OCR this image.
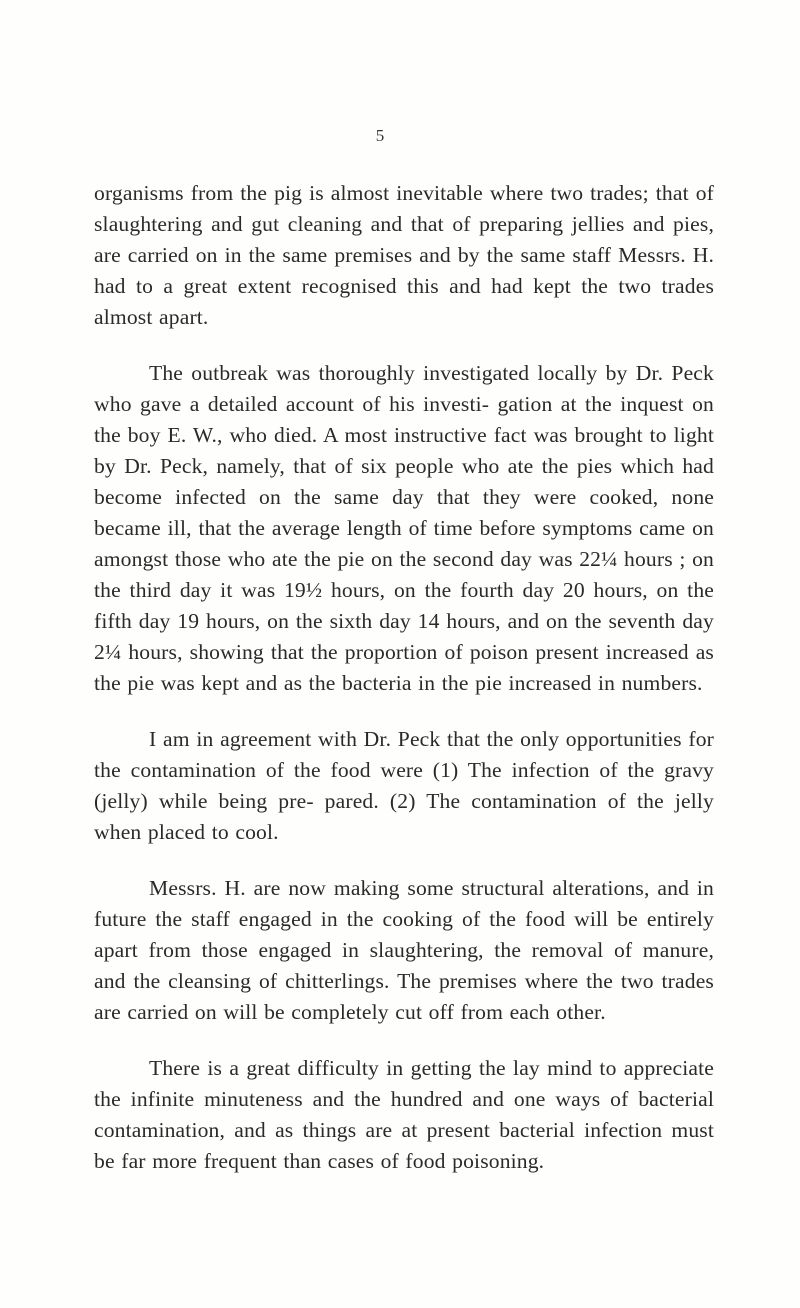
5

organisms from the pig is almost inevitable where two trades; that of slaughtering and gut cleaning and that of preparing jellies and pies, are carried on in the same premises and by the same staff Messrs. H. had to a great extent recognised this and had kept the two trades almost apart.

The outbreak was thoroughly investigated locally by Dr. Peck who gave a detailed account of his investi- gation at the inquest on the boy E. W., who died. A most instructive fact was brought to light by Dr. Peck, namely, that of six people who ate the pies which had become infected on the same day that they were cooked, none became ill, that the average length of time before symptoms came on amongst those who ate the pie on the second day was 22¼ hours ; on the third day it was 19½ hours, on the fourth day 20 hours, on the fifth day 19 hours, on the sixth day 14 hours, and on the seventh day 2¼ hours, showing that the proportion of poison present increased as the pie was kept and as the bacteria in the pie increased in numbers.

I am in agreement with Dr. Peck that the only opportunities for the contamination of the food were (1) The infection of the gravy (jelly) while being pre- pared. (2) The contamination of the jelly when placed to cool.

Messrs. H. are now making some structural alterations, and in future the staff engaged in the cooking of the food will be entirely apart from those engaged in slaughtering, the removal of manure, and the cleansing of chitterlings. The premises where the two trades are carried on will be completely cut off from each other.

There is a great difficulty in getting the lay mind to appreciate the infinite minuteness and the hundred and one ways of bacterial contamination, and as things are at present bacterial infection must be far more frequent than cases of food poisoning.
